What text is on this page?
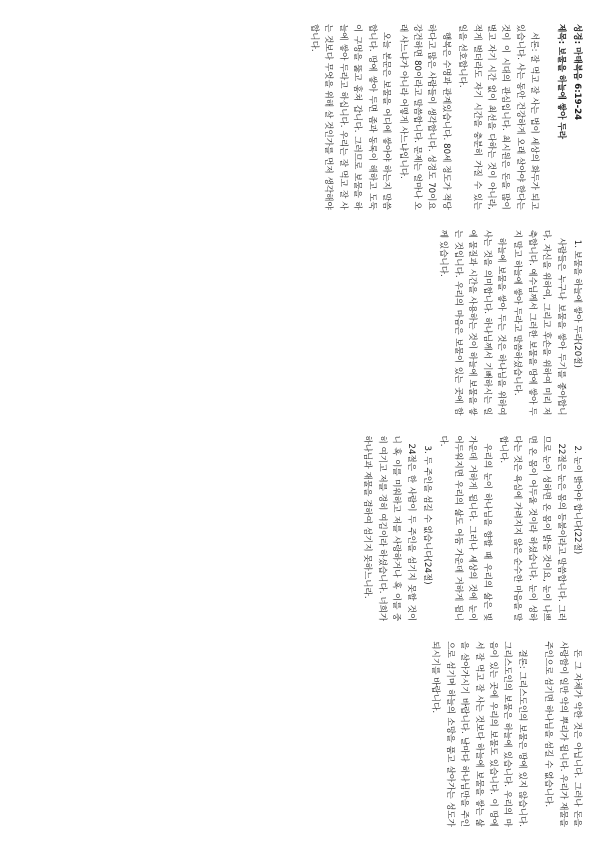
성경: 마태복음 6:19-24
제목: 보물을 하늘에 쌓아 두라

서론: 잘 먹고 잘 사는 법이 세상의 화두가 되고 있습니다. 사는 동안 건강하게 오래 살아야 한다는 것이 이 시대의 관심입니다. 최시원은 돈을 많이 벌고 자기 시간 없이 최선을 다하는 것이 아니라, 적게 벌더라도 자기 시간을 충분히 가질 수 있는 일을 선호합니다.

행복은 수명과 관계있습니다. 80세 정도가 적당하다고 많은 사람들이 생각합니다. 성경도 70이요 강건하면 80이라고 말씀합니다. 문제는 얼마나 오래 사느냐가 아니라 어떻게 사느냐입니다.

오늘 본문은 보물을 어디에 쌓아야 하는지 말씀합니다. 땅에 쌓아 두면 좀과 동록이 해하고 도둑이 구멍을 뚫고 훔쳐 갑니다. 그러므로 보물을 하늘에 쌓아 두라고 하십니다. 우리는 잘 먹고 잘 사는 것보다 무엇을 위해 살 것인가를 먼저 생각해야 합니다.

1. 보물을 하늘에 쌓아 두라(20절)

사람들은 누구나 보물을 쌓아 두기를 좋아합니다. 자신을 위하여, 그리고 후손을 위하여 미리 저축합니다. 예수님께서 그러한 보물을 땅에 쌓아 두지 말고 하늘에 쌓아 두라고 말씀하셨습니다.

하늘에 보물을 쌓아 두는 것은 하나님을 위하여 사는 것을 의미합니다. 하나님께서 기뻐하시는 일에 물질과 시간을 사용하는 것이 하늘에 보물을 쌓는 것입니다. 우리의 마음은 보물이 있는 곳에 함께 있습니다.

2. 눈이 밝아야 합니다(22절)

22절은 눈은 몸의 등불이라고 말씀합니다. 그러므로 눈이 성하면 온 몸이 밝을 것이요, 눈이 나쁘면 온 몸이 어두울 것이라 하셨습니다. 눈이 성하다는 것은 욕심에 가려지지 않은 순수한 마음을 말합니다.

우리의 눈이 하나님을 향할 때 우리의 삶은 빛 가운데 거하게 됩니다. 그러나 세상의 것에 눈이 어두워지면 우리의 삶도 어둠 가운데 거하게 됩니다.

3. 두 주인을 섬길 수 없습니다(24절)

24절은 한 사람이 두 주인을 섬기지 못할 것이니 혹 이를 미워하고 저를 사랑하거나 혹 이를 중히 여기고 저를 경히 여김이라 하셨습니다. 너희가 하나님과 재물을 겸하여 섬기지 못하느니라.

돈 그 자체가 악한 것은 아닙니다. 그러나 돈을 사랑함이 일만 악의 뿌리가 됩니다. 우리가 재물을 주인으로 섬기면 하나님을 섬길 수 없습니다.

결론: 그리스도인의 보물은 땅에 있지 않습니다. 그리스도인의 보물은 하늘에 있습니다. 우리의 마음이 있는 곳에 우리의 보물도 있습니다. 이 땅에서 잘 먹고 잘 사는 것보다 하늘에 보물을 쌓는 삶을 살아가시기 바랍니다. 날마다 하나님만을 주인으로 섬기며 하늘의 소망을 품고 살아가는 성도가 되시기를 바랍니다.
